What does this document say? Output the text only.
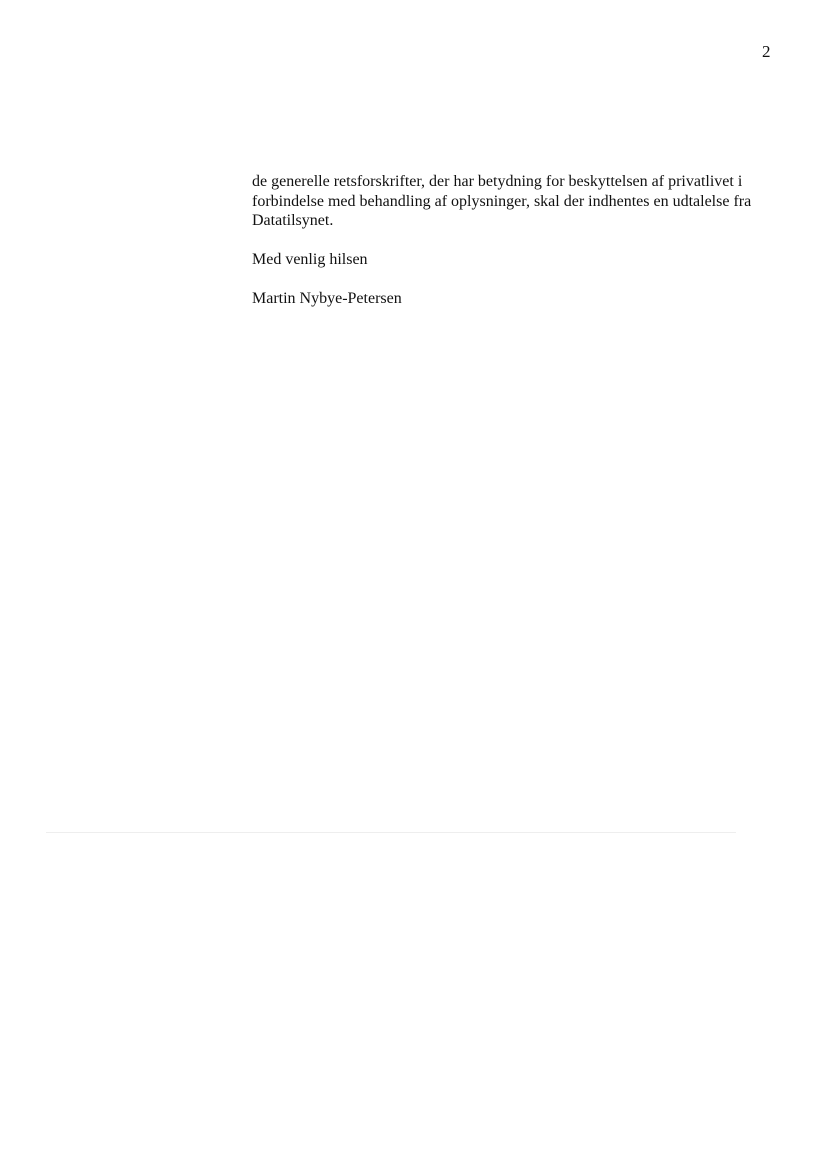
2
de generelle retsforskrifter, der har betydning for beskyttelsen af privatlivet i
forbindelse med behandling af oplysninger, skal der indhentes en udtalelse fra
Datatilsynet.
Med venlig hilsen
Martin Nybye-Petersen
